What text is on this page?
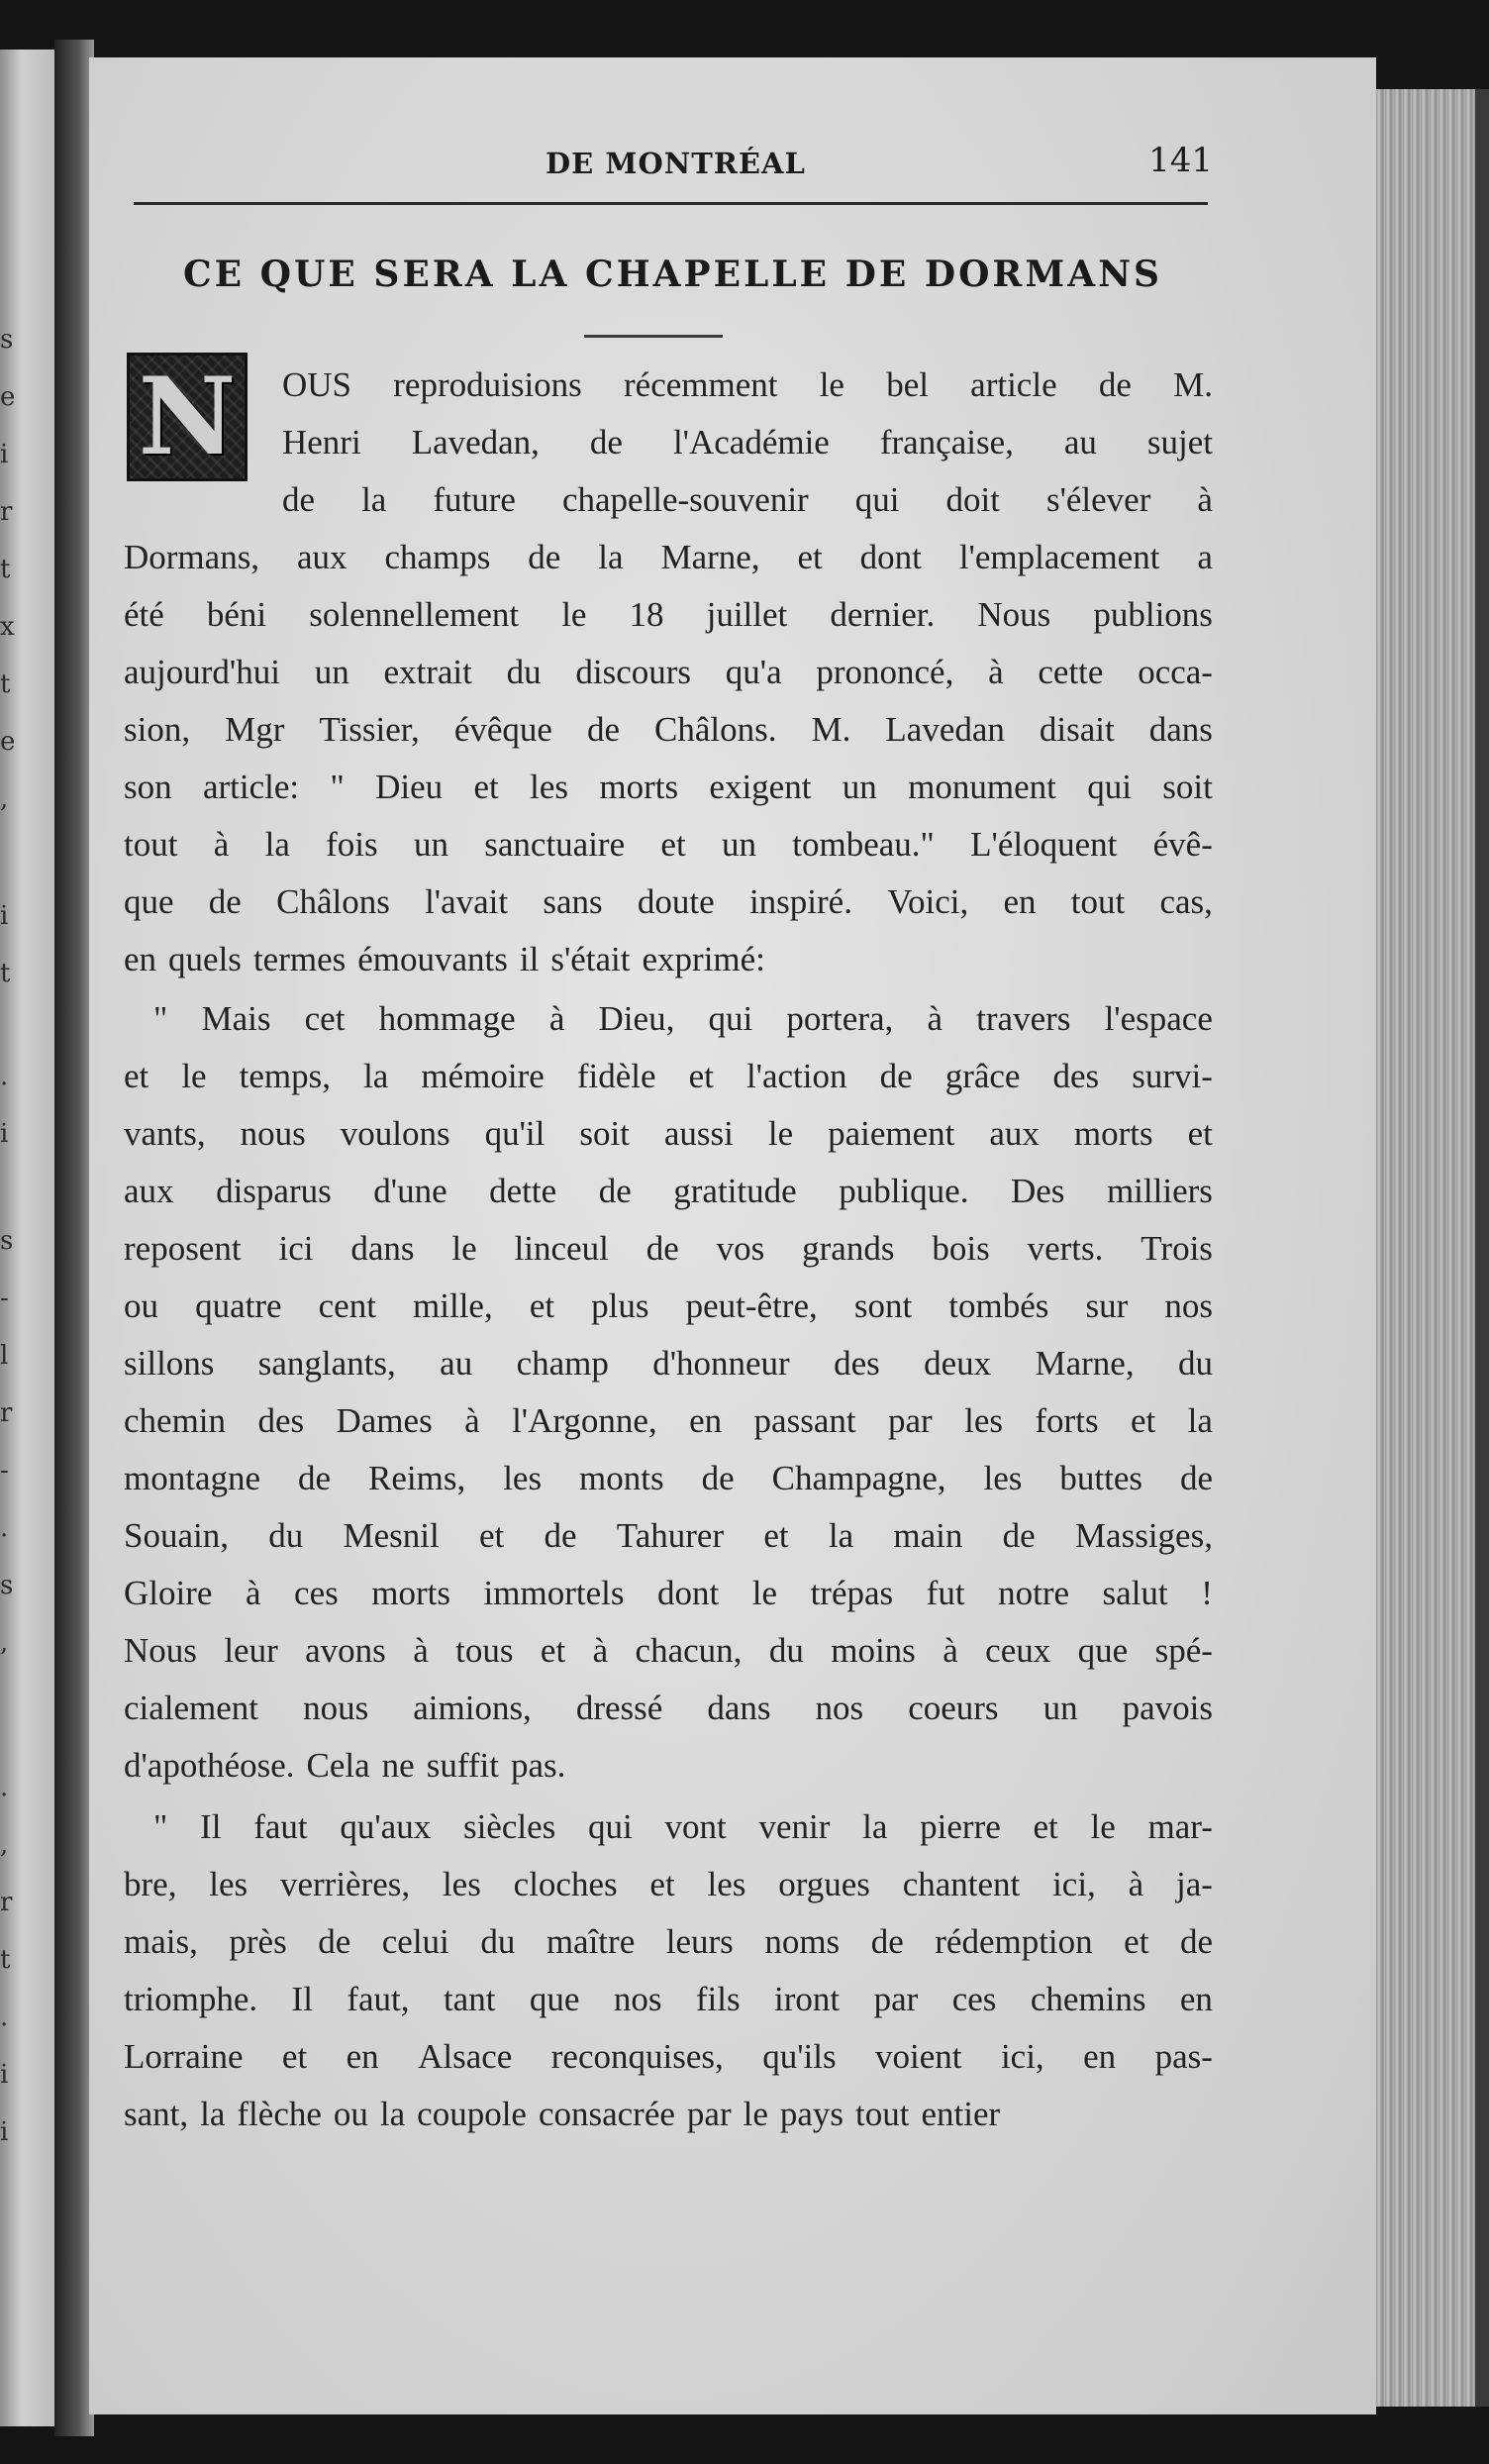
s
e
i
r
t
x
t
e
,
i
t
.
i
s
-
l
r
-
.
s
,
.
,
r
t
.
i
i
DE MONTRÉAL	141
CE QUE SERA LA CHAPELLE DE DORMANS
N OUS reproduisions récemment le bel article de M.
Henri Lavedan, de l'Académie française, au sujet
de la future chapelle-souvenir qui doit s'élever à
Dormans, aux champs de la Marne, et dont l'emplacement a
été béni solennellement le 18 juillet dernier. Nous publions
aujourd'hui un extrait du discours qu'a prononcé, à cette occa-
sion, Mgr Tissier, évêque de Châlons. M. Lavedan disait dans
son article: " Dieu et les morts exigent un monument qui soit
tout à la fois un sanctuaire et un tombeau." L'éloquent évê-
que de Châlons l'avait sans doute inspiré. Voici, en tout cas,
en quels termes émouvants il s'était exprimé:
" Mais cet hommage à Dieu, qui portera, à travers l'espace
et le temps, la mémoire fidèle et l'action de grâce des survi-
vants, nous voulons qu'il soit aussi le paiement aux morts et
aux disparus d'une dette de gratitude publique. Des milliers
reposent ici dans le linceul de vos grands bois verts. Trois
ou quatre cent mille, et plus peut-être, sont tombés sur nos
sillons sanglants, au champ d'honneur des deux Marne, du
chemin des Dames à l'Argonne, en passant par les forts et la
montagne de Reims, les monts de Champagne, les buttes de
Souain, du Mesnil et de Tahurer et la main de Massiges,
Gloire à ces morts immortels dont le trépas fut notre salut !
Nous leur avons à tous et à chacun, du moins à ceux que spé-
cialement nous aimions, dressé dans nos coeurs un pavois
d'apothéose. Cela ne suffit pas.
" Il faut qu'aux siècles qui vont venir la pierre et le mar-
bre, les verrières, les cloches et les orgues chantent ici, à ja-
mais, près de celui du maître leurs noms de rédemption et de
triomphe. Il faut, tant que nos fils iront par ces chemins en
Lorraine et en Alsace reconquises, qu'ils voient ici, en pas-
sant, la flèche ou la coupole consacrée par le pays tout entier
